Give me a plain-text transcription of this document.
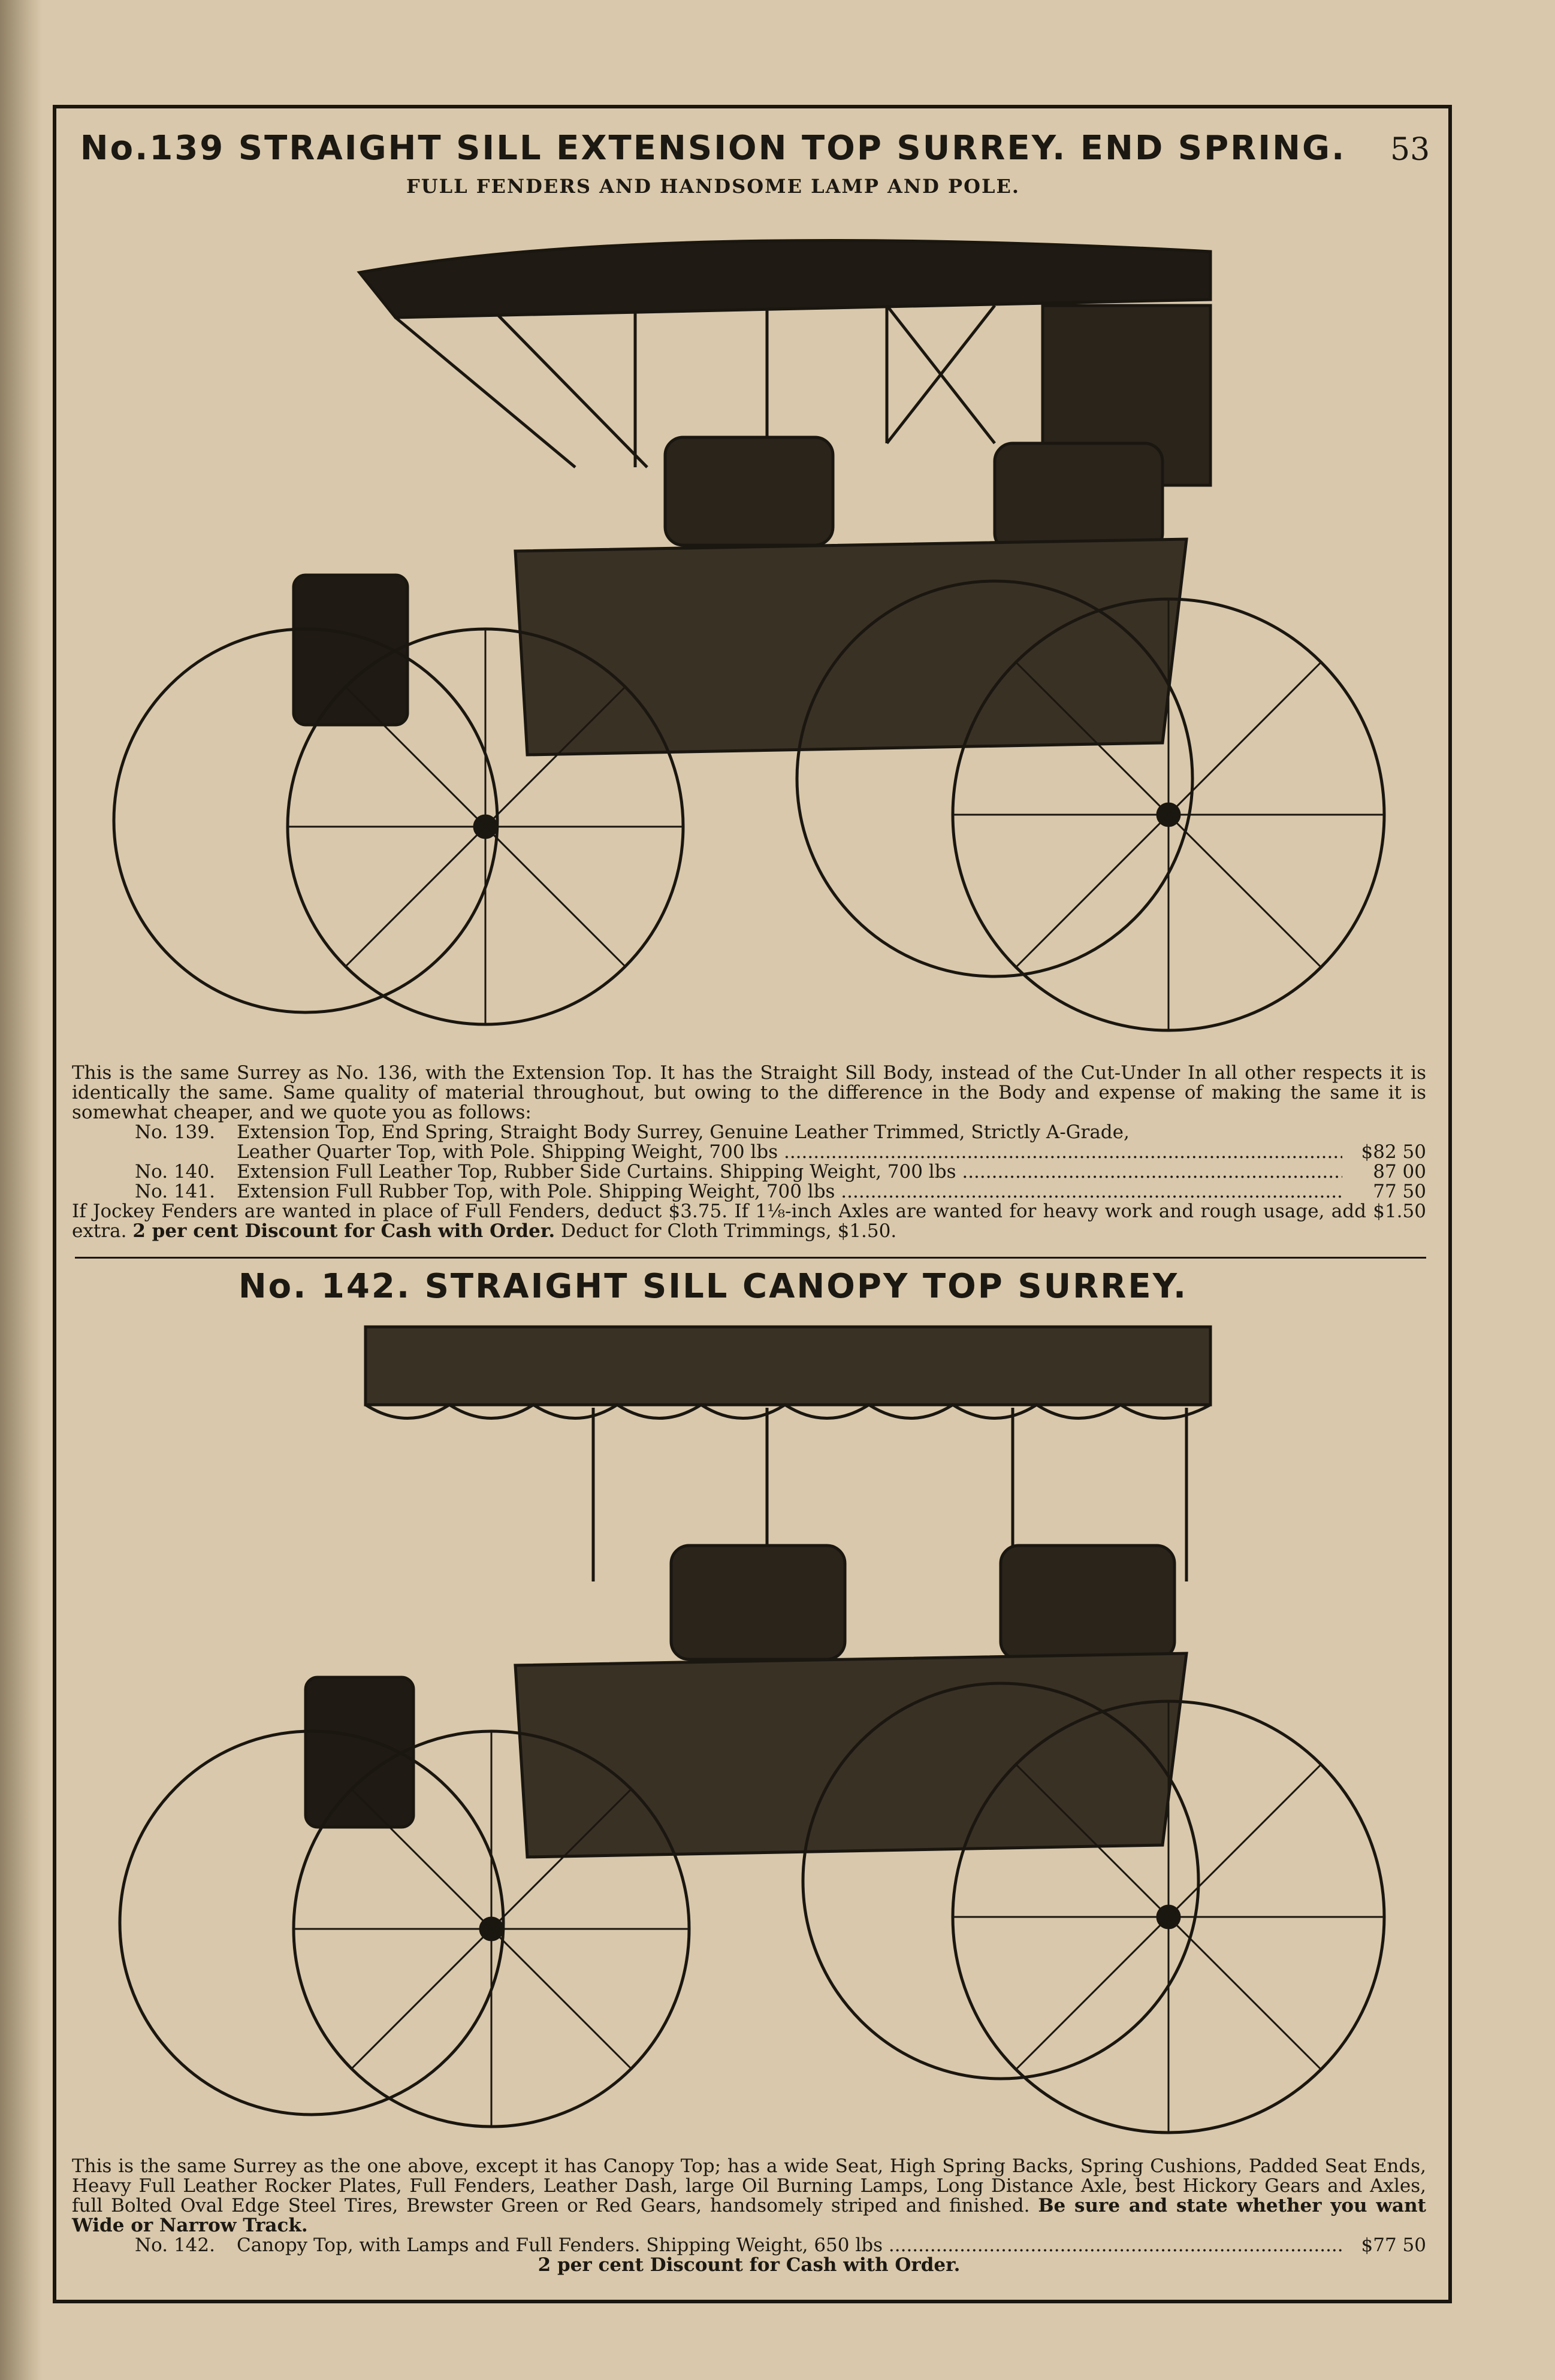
53
No.139 STRAIGHT SILL EXTENSION TOP SURREY. END SPRING.
FULL FENDERS AND HANDSOME LAMP AND POLE.

This is the same Surrey as No. 136, with the Extension Top. It has the Straight Sill Body, instead of the Cut-Under In all other respects it is identically the same. Same quality of material throughout, but owing to the difference in the Body and expense of making the same it is somewhat cheaper, and we quote you as follows:

No. 139.	Extension Top, End Spring, Straight Body Surrey, Genuine Leather Trimmed, Strictly A-Grade,
Leather Quarter Top, with Pole. Shipping Weight, 700 lbs .....	$82 50
No. 140.	Extension Full Leather Top, Rubber Side Curtains. Shipping Weight, 700 lbs .....	87 00
No. 141.	Extension Full Rubber Top, with Pole. Shipping Weight, 700 lbs .....	77 50

If Jockey Fenders are wanted in place of Full Fenders, deduct $3.75. If 1⅛-inch Axles are wanted for heavy work and rough usage, add $1.50 extra. 2 per cent Discount for Cash with Order. Deduct for Cloth Trimmings, $1.50.

No. 142. STRAIGHT SILL CANOPY TOP SURREY.

This is the same Surrey as the one above, except it has Canopy Top; has a wide Seat, High Spring Backs, Spring Cushions, Padded Seat Ends, Heavy Full Leather Rocker Plates, Full Fenders, Leather Dash, large Oil Burning Lamps, Long Distance Axle, best Hickory Gears and Axles, full Bolted Oval Edge Steel Tires, Brewster Green or Red Gears, handsomely striped and finished. Be sure and state whether you want Wide or Narrow Track.

No. 142.	Canopy Top, with Lamps and Full Fenders. Shipping Weight, 650 lbs .....	$77 50

2 per cent Discount for Cash with Order.
